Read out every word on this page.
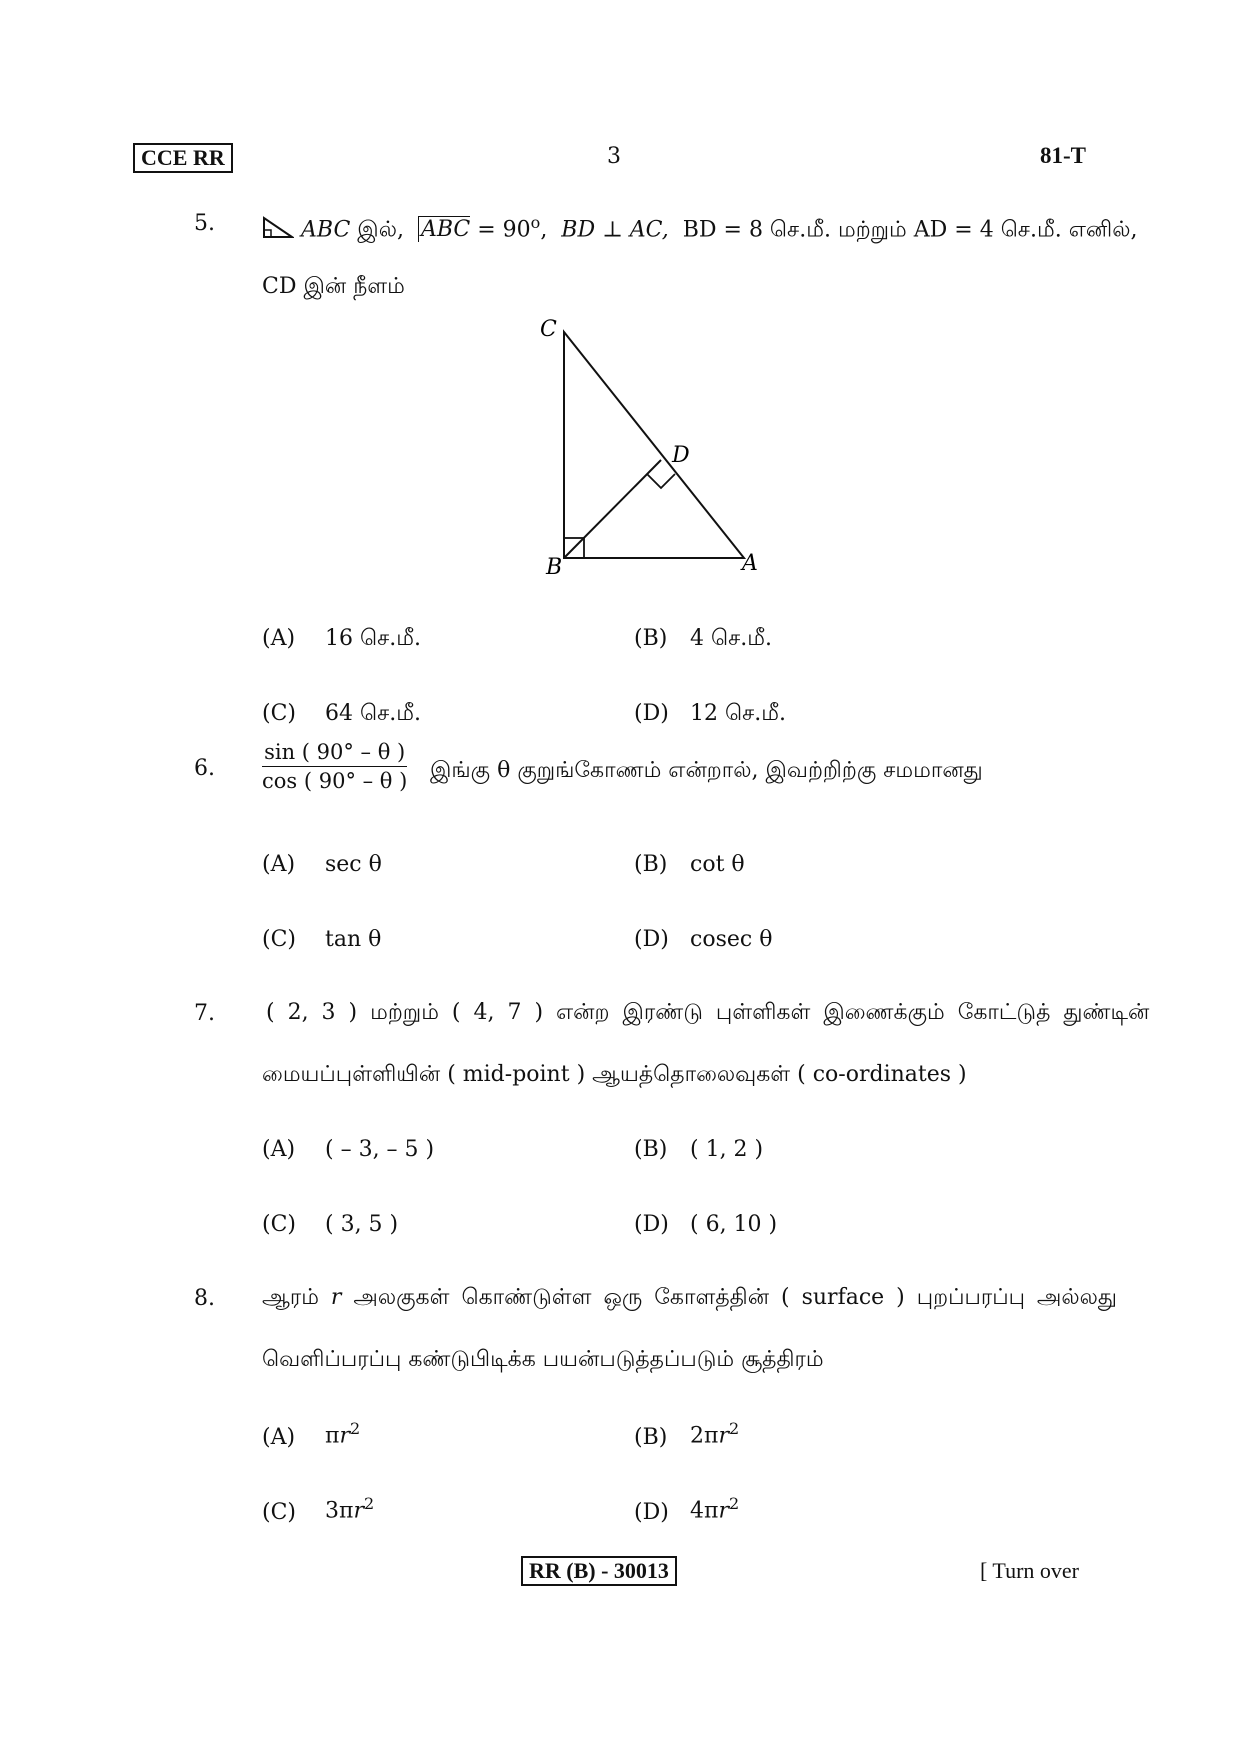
CCE RR	3	81-T
5.	ABC இல், ABC = $90^o$,  BD ⊥ AC, BD = 8 செ.மீ. மற்றும் AD = 4 செ.மீ. எனில்,
CD இன் நீளம்
C
D
B	A
(A) 16 செ.மீ.	(B) 4 செ.மீ.
(C) 64 செ.மீ.	(D) 12 செ.மீ.
6. $\frac{\sin ( 90^\circ - \theta )}{\cos ( 90^\circ - \theta )}$ இங்கு θ குறுங்கோணம் என்றால், இவற்றிற்கு சமமானது
(A) sec θ	(B) cot θ
(C) tan θ	(D) cosec θ
7. ( 2, 3 ) மற்றும் ( 4, 7 ) என்ற இரண்டு புள்ளிகள் இணைக்கும் கோட்டுத் துண்டின்
மையப்புள்ளியின் ( mid-point ) ஆயத்தொலைவுகள் ( co-ordinates )
(A) ( – 3, – 5 )	(B) ( 1, 2 )
(C) ( 3, 5 )	(D) ( 6, 10 )
8. ஆரம் r அலகுகள் கொண்டுள்ள ஒரு கோளத்தின் ( surface ) புறப்பரப்பு அல்லது
வெளிப்பரப்பு கண்டுபிடிக்க பயன்படுத்தப்படும் சூத்திரம்
(A) $\pi r^2$	(B) $2\pi r^2$
(C) $3\pi r^2$	(D) $4\pi r^2$
RR (B) - 30013	[ Turn over
